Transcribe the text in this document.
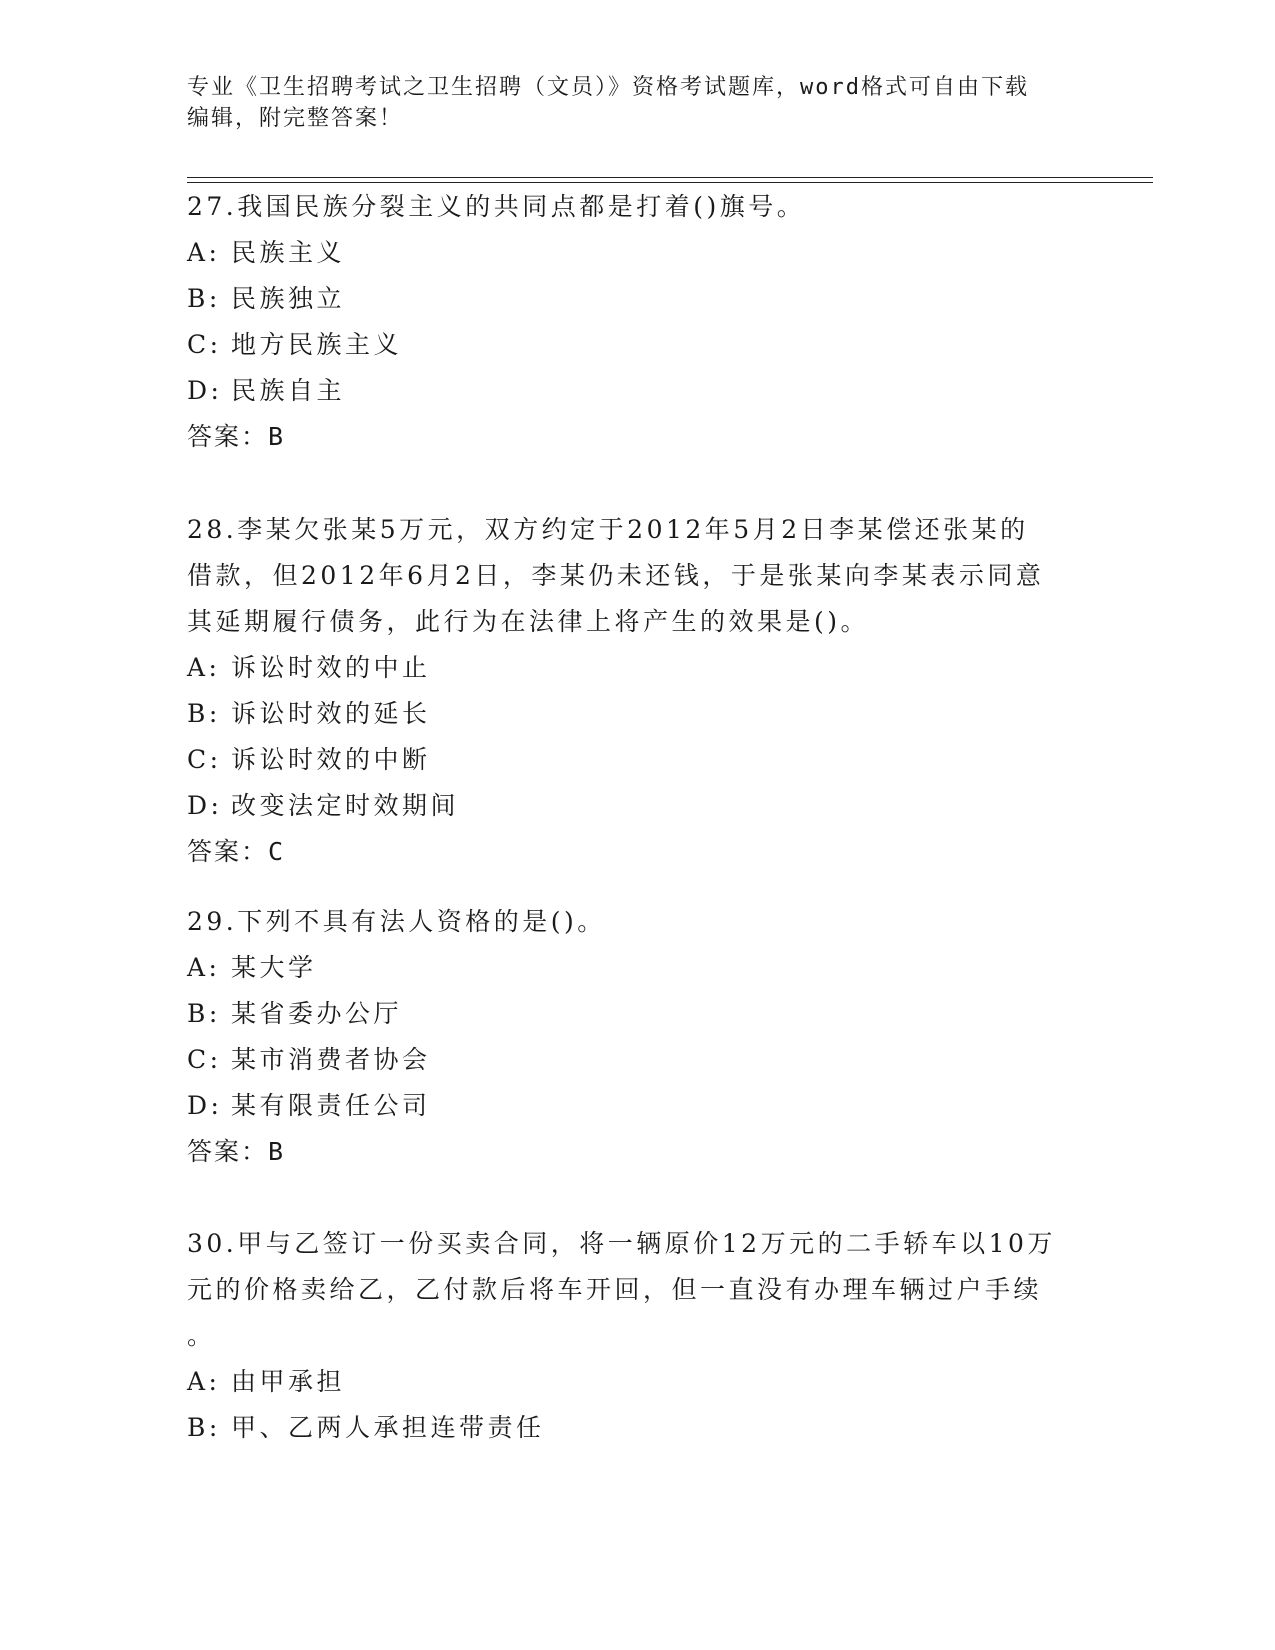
专业《卫生招聘考试之卫生招聘（文员）》资格考试题库，word格式可自由下载
编辑，附完整答案！
27.我国民族分裂主义的共同点都是打着()旗号。
A: 民族主义
B: 民族独立
C: 地方民族主义
D: 民族自主
答案：B
28.李某欠张某5万元，双方约定于2012年5月2日李某偿还张某的
借款，但2012年6月2日，李某仍未还钱，于是张某向李某表示同意
其延期履行债务，此行为在法律上将产生的效果是()。
A: 诉讼时效的中止
B: 诉讼时效的延长
C: 诉讼时效的中断
D: 改变法定时效期间
答案：C
29.下列不具有法人资格的是()。
A: 某大学
B: 某省委办公厅
C: 某市消费者协会
D: 某有限责任公司
答案：B
30.甲与乙签订一份买卖合同，将一辆原价12万元的二手轿车以10万
元的价格卖给乙，乙付款后将车开回，但一直没有办理车辆过户手续
。
A: 由甲承担
B: 甲、乙两人承担连带责任
